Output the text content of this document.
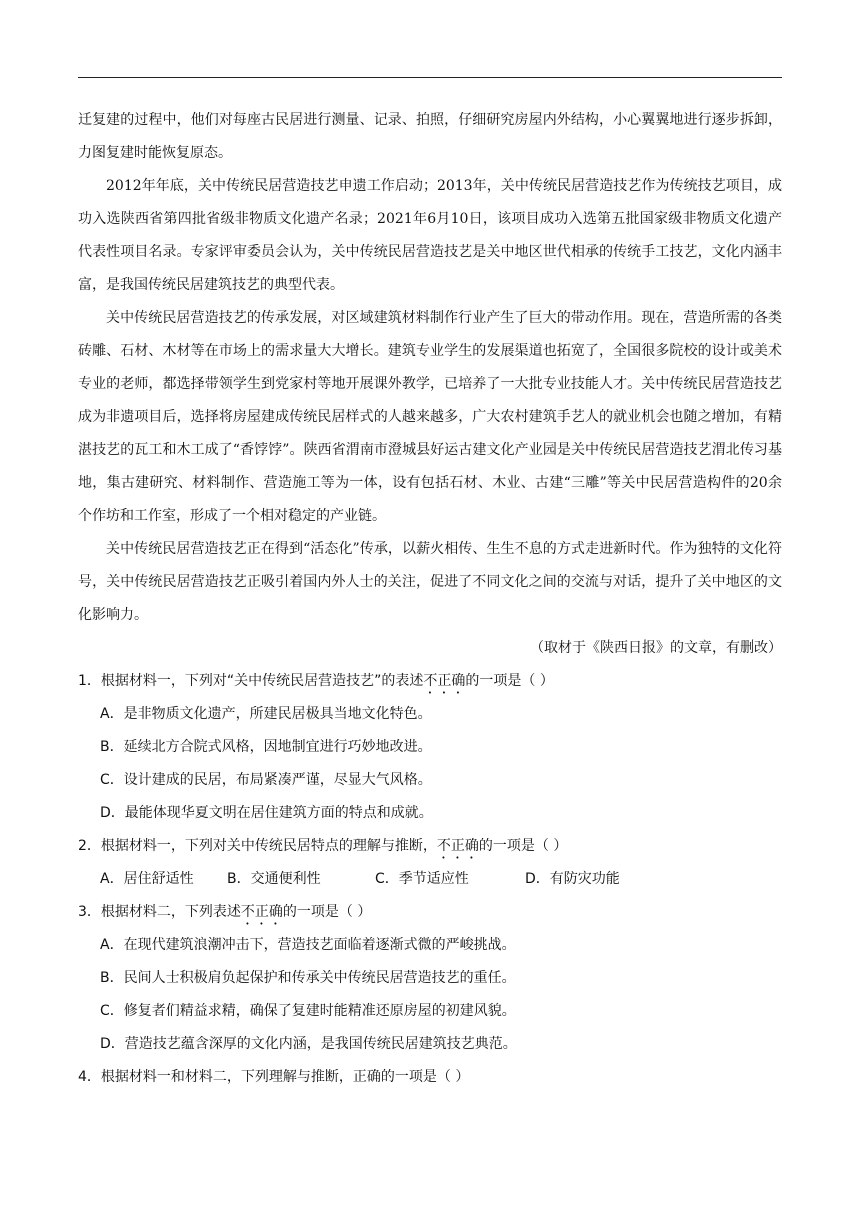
迁复建的过程中，他们对每座古民居进行测量、记录、拍照，仔细研究房屋内外结构，小心翼翼地进行逐步拆卸，力图复建时能恢复原态。

2012年年底，关中传统民居营造技艺申遗工作启动；2013年，关中传统民居营造技艺作为传统技艺项目，成功入选陕西省第四批省级非物质文化遗产名录；2021年6月10日，该项目成功入选第五批国家级非物质文化遗产代表性项目名录。专家评审委员会认为，关中传统民居营造技艺是关中地区世代相承的传统手工技艺，文化内涵丰富，是我国传统民居建筑技艺的典型代表。

关中传统民居营造技艺的传承发展，对区域建筑材料制作行业产生了巨大的带动作用。现在，营造所需的各类砖雕、石材、木材等在市场上的需求量大大增长。建筑专业学生的发展渠道也拓宽了，全国很多院校的设计或美术专业的老师，都选择带领学生到党家村等地开展课外教学，已培养了一大批专业技能人才。关中传统民居营造技艺成为非遗项目后，选择将房屋建成传统民居样式的人越来越多，广大农村建筑手艺人的就业机会也随之增加，有精湛技艺的瓦工和木工成了“香饽饽”。陕西省渭南市澄城县好运古建文化产业园是关中传统民居营造技艺渭北传习基地，集古建研究、材料制作、营造施工等为一体，设有包括石材、木业、古建“三雕”等关中民居营造构件的20余个作坊和工作室，形成了一个相对稳定的产业链。

关中传统民居营造技艺正在得到“活态化”传承，以薪火相传、生生不息的方式走进新时代。作为独特的文化符号，关中传统民居营造技艺正吸引着国内外人士的关注，促进了不同文化之间的交流与对话，提升了关中地区的文化影响力。

（取材于《陕西日报》的文章，有删改）

1．根据材料一，下列对“关中传统民居营造技艺”的表述不正确的一项是（ ）

A．是非物质文化遗产，所建民居极具当地文化特色。

B．延续北方合院式风格，因地制宜进行巧妙地改进。

C．设计建成的民居，布局紧凑严谨，尽显大气风格。

D．最能体现华夏文明在居住建筑方面的特点和成就。

2．根据材料一，下列对关中传统民居特点的理解与推断，不正确的一项是（ ）

A．居住舒适性	B．交通便利性	C．季节适应性	D．有防灾功能

3．根据材料二，下列表述不正确的一项是（ ）

A．在现代建筑浪潮冲击下，营造技艺面临着逐渐式微的严峻挑战。

B．民间人士积极肩负起保护和传承关中传统民居营造技艺的重任。

C．修复者们精益求精，确保了复建时能精准还原房屋的初建风貌。

D．营造技艺蕴含深厚的文化内涵，是我国传统民居建筑技艺典范。

4．根据材料一和材料二，下列理解与推断，正确的一项是（ ）
